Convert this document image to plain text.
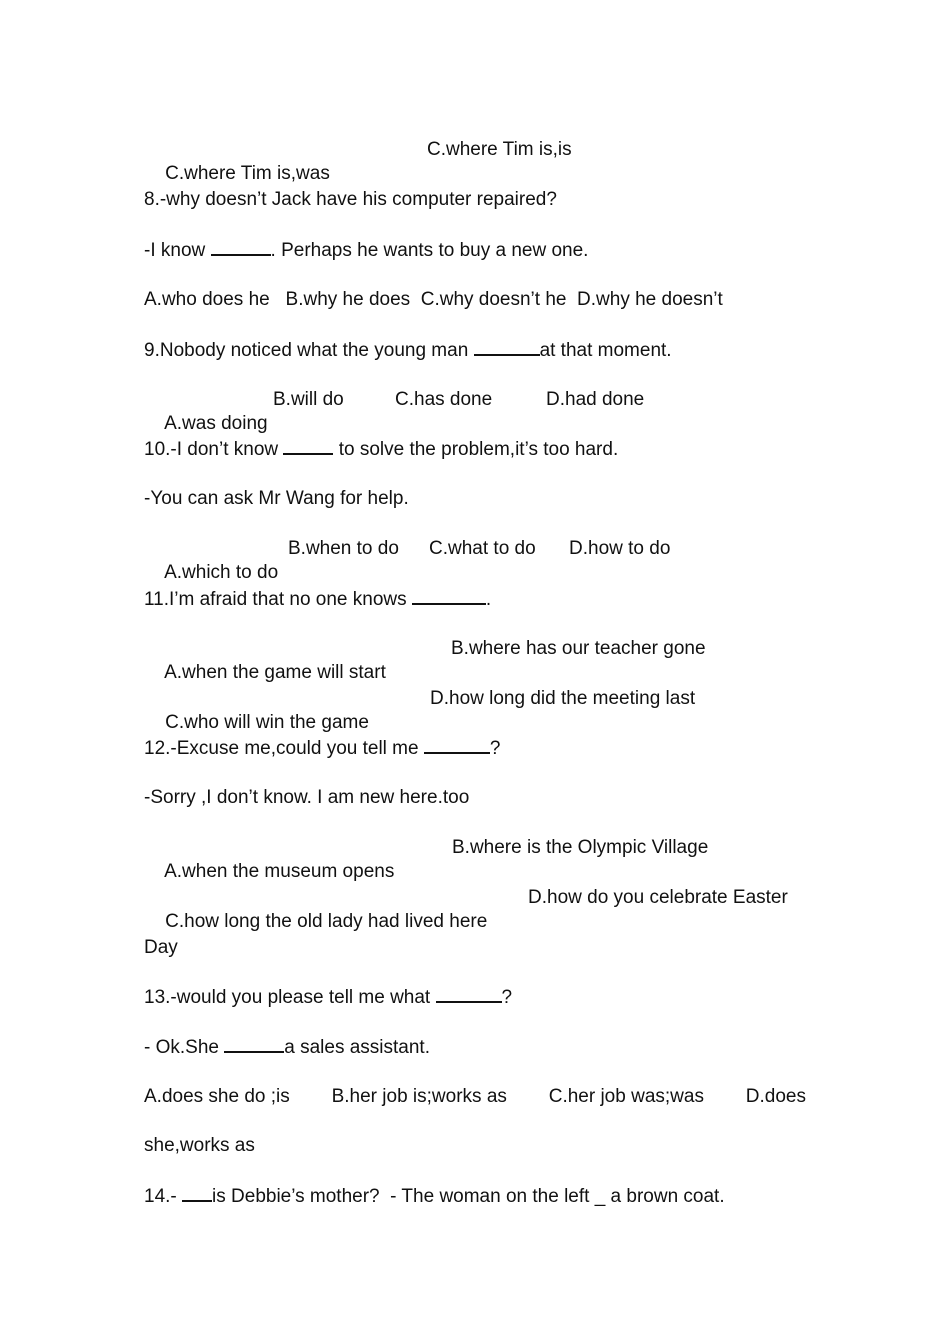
C.where Tim is,was

C.where Tim is,is

8.-why doesn’t Jack have his computer repaired?
-I know	. Perhaps he wants to buy a new one.
A.who does he   B.why he does  C.why doesn’t he  D.why he doesn’t
9.Nobody noticed what the young man	at that moment.

A.was doing

B.will do

	C.has done

	D.had done

10.-I don’t know	to solve the problem,it’s too hard.
-You can ask Mr Wang for help.

A.which to do

B.when to do

C.what to do

D.how to do

11.I’m afraid that no one knows	.

A.when the game will start

B.where has our teacher gone

C.who will win the game

D.how long did the meeting last

12.-Excuse me,could you tell me	?
-Sorry ,I don’t know. I am new here.too

A.when the museum opens

B.where is the Olympic Village

C.how long the old lady had lived here

D.how do you celebrate Easter

Day
13.-would you please tell me what	?
- Ok.She	a sales assistant.
A.does she do ;is B.her job is;works as C.her job was;was D.does
she,works as
14.- is Debbie’s mother?  - The woman on the left _ a brown coat.
